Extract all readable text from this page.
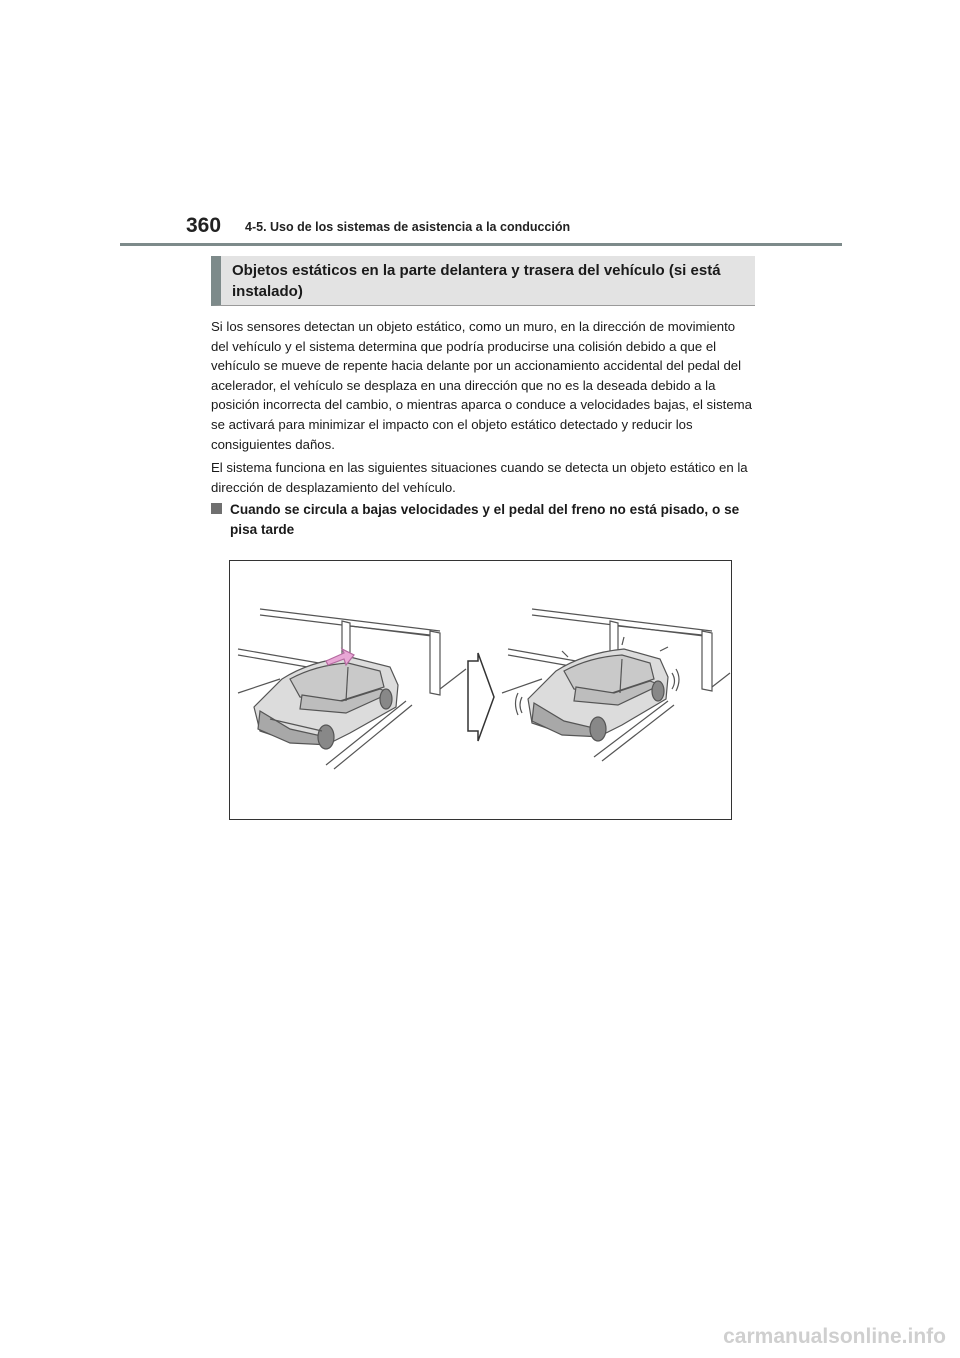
360 4-5. Uso de los sistemas de asistencia a la conducción
Objetos estáticos en la parte delantera y trasera del vehículo (si está instalado)

Si los sensores detectan un objeto estático, como un muro, en la dirección de movimiento del vehículo y el sistema determina que podría producirse una colisión debido a que el vehículo se mueve de repente hacia delante por un accionamiento accidental del pedal del acelerador, el vehículo se desplaza en una dirección que no es la deseada debido a la posición incorrecta del cambio, o mientras aparca o conduce a velocidades bajas, el sistema se activará para minimizar el impacto con el objeto estático detectado y reducir los consiguientes daños.

El sistema funciona en las siguientes situaciones cuando se detecta un objeto estático en la dirección de desplazamiento del vehículo.

Cuando se circula a bajas velocidades y el pedal del freno no está pisado, o se pisa tarde
carmanualsonline.info
